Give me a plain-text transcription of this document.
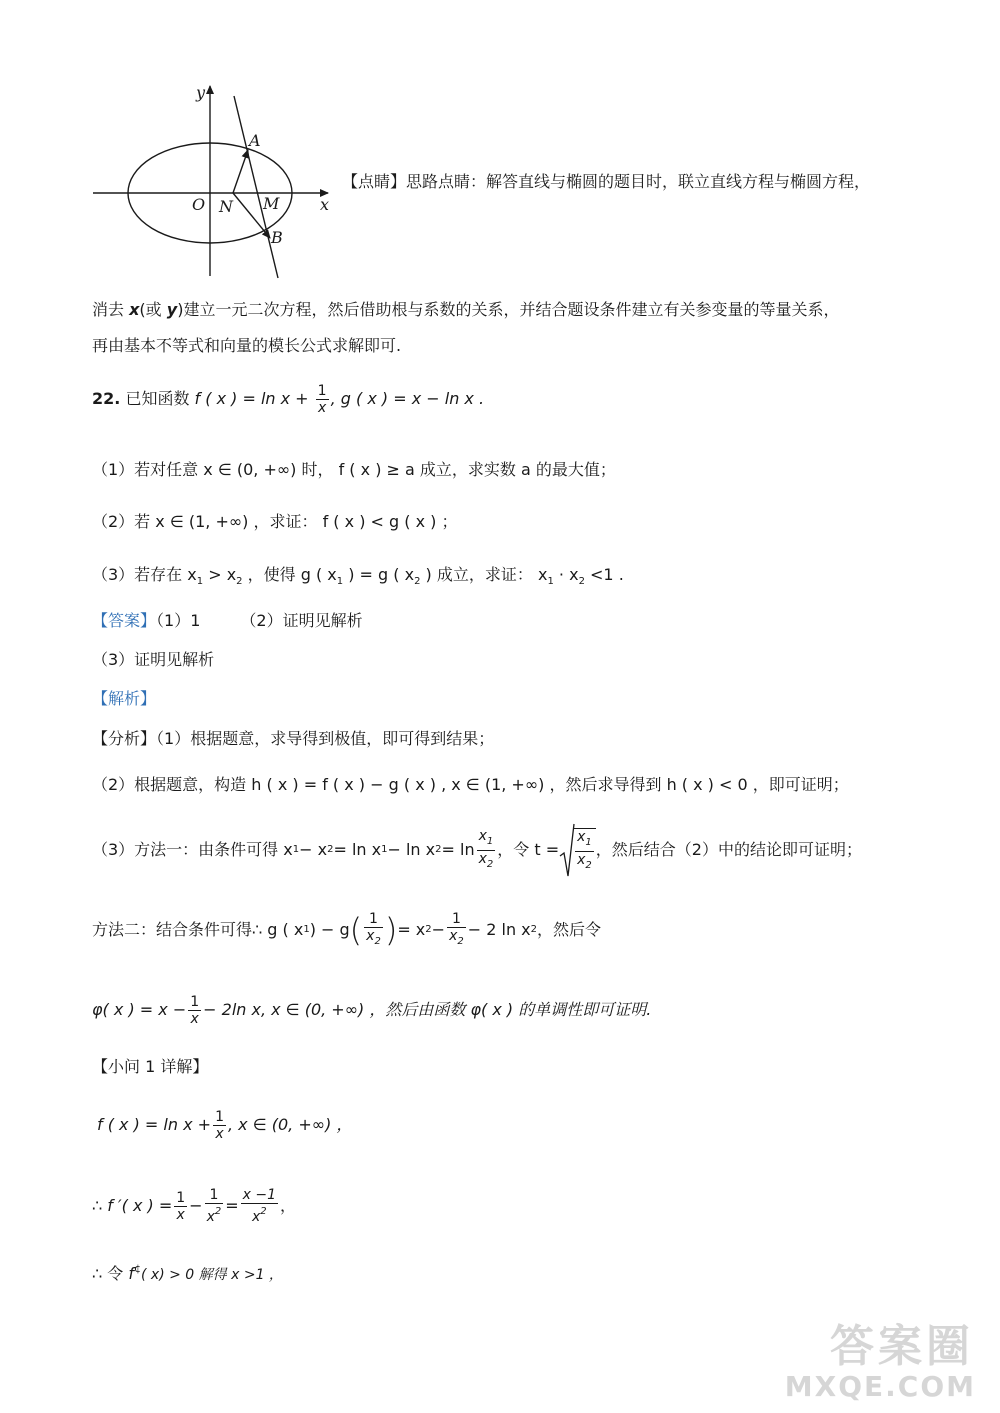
y
x
O N M
A
B
【点睛】思路点睛：解答直线与椭圆的题目时，联立直线方程与椭圆方程，
消去 x(或 y)建立一元二次方程，然后借助根与系数的关系，并结合题设条件建立有关参变量的等量关系，
再由基本不等式和向量的模长公式求解即可.
22. 已知函数 f ( x ) = $\ln x + \frac{1}{x}$ , g ( x ) = x − ln x .
（1）若对任意 x ∈ (0, +∞) 时， f ( x ) ≥ a 成立，求实数 a 的最大值；
（2）若 x ∈ (1, +∞) ，求证： f ( x ) < g ( x ) ；
（3）若存在 $x_1 > x_2$ ，使得 g ( $x_1$ ) = g ( $x_2$ ) 成立，求证： $x_1 \cdot x_2 <1$ .
【答案】（1）1	（2）证明见解析
（3）证明见解析
【解析】
【分析】（1）根据题意，求导得到极值，即可得到结果；
（2）根据题意，构造 h ( x ) = f ( x ) − g ( x ) , x ∈ (1, +∞) ，然后求导得到 h ( x ) < 0 ，即可证明；
（3）方法一：由条件可得 x 1 − x 2 = ln x 1 − ln x $2 = \ln \frac{x_1}{x_2}$ ，令 $t = \frac{x_1}{x_2}$ ，然后结合（2）中的结论即可证明；
方法二：结合条件可得∴ g ( x 1 ) − g ( $\frac{1}{x_2}$ ) = x $2 - \frac{1}{x_2} - 2$ ln x 2 ，然后令
φ( x ) = $x - \frac{1}{x} - 2\ln$ x, x ∈ (0, +∞) ，然后由函数 φ( x ) 的单调性即可证明.
【小问 1 详解】
f ( x ) = $\ln x + \frac{1}{x}$ , x ∈ (0, +∞) ，
∴ f ′( x ) = $\frac{1}{x} - \frac{1}{x^2} = \frac{x -1}{x^2}$ ，
∴ 令 f¢( x) > 0 解得 x >1 ，
答案圈
MXQE.COM
